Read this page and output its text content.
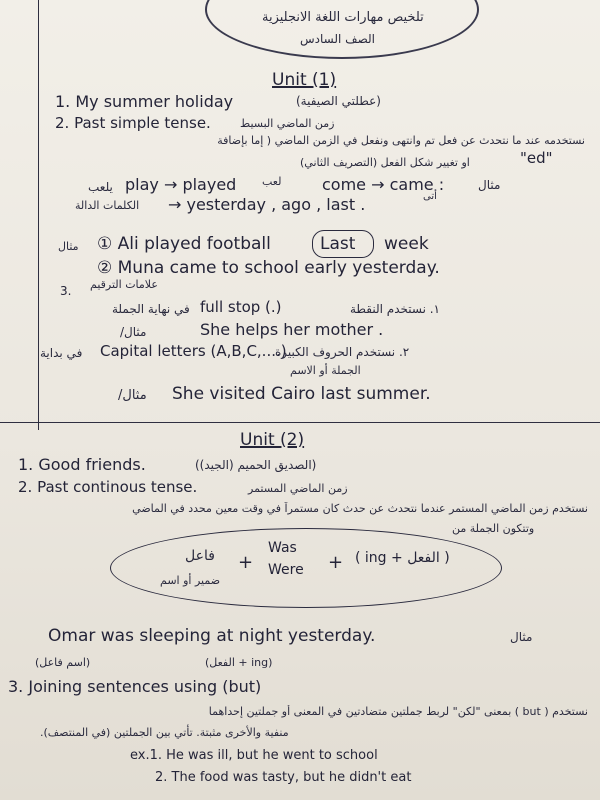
تلخيص مهارات اللغة الانجليزية
الصف السادس
Unit (1)
1. My summer holiday	(عطلتي الصيفية)
2. Past simple tense.	زمن الماضي البسيط
نستخدمه عند ما نتحدث عن فعل تم وانتهى ونفعل في الزمن الماضي ( إما بإضافة
"ed"
او تغيير شكل الفعل (التصريف الثاني)
يلعب play → played لعب	come → came :
أتى
مثال
الكلمات الدالة → yesterday , ago , last .
مثال ① Ali played football	Last week
② Muna came to school early yesterday.
3. علامات الترقيم
١. نستخدم النقطة
full stop (.)
في نهاية الجملة
مثال/	She helps her mother .
٢. نستخدم الحروف الكبيرة
Capital letters (A,B,C,....)
في بداية
الجملة أو الاسم
مثال/ She visited Cairo last summer.
Unit (2)
1. Good friends.	(الصديق الحميم (الجيد))
2. Past continous tense.	زمن الماضي المستمر
نستخدم زمن الماضي المستمر عندما نتحدث عن حدث كان مستمراً في وقت معين محدد في الماضي
وتتكون الجملة من
فاعل
ضمير أو اسم
+
Was
Were + ( ing + الفعل )
Omar was sleeping at night yesterday.	مثال
(اسم فاعل)	(ing + الفعل)
3. Joining sentences using (but)
نستخدم ( but ) بمعنى "لكن" لربط جملتين متضادتين في المعنى أو جملتين إحداهما
منفية والأخرى مثبتة. تأتي بين الجملتين (في المنتصف).
ex.1. He was ill, but he went to school
2. The food was tasty, but he didn't eat
